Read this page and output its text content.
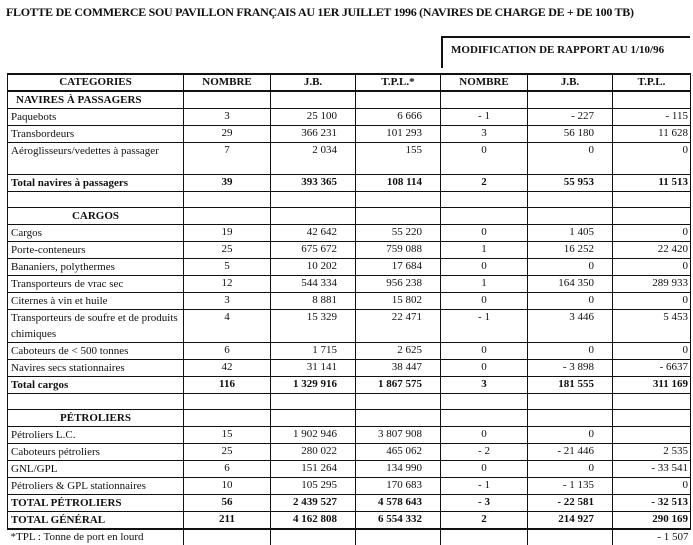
FLOTTE DE COMMERCE SOU PAVILLON FRANÇAIS AU 1ER JUILLET 1996 (NAVIRES DE CHARGE DE + DE 100 TB)
MODIFICATION DE RAPPORT AU 1/10/96
CATEGORIES	NOMBRE	J.B.	T.P.L.*	NOMBRE	J.B.	T.P.L.
NAVIRES À PASSAGERS						
Paquebots	3	25 100	6 666	- 1	- 227	- 115
Transbordeurs	29	366 231	101 293	3	56 180	11 628
Aéroglisseurs/vedettes à passager	7	2 034	155	0	0	0
Total navires à passagers	39	393 365	108 114	2	55 953	11 513

CARGOS						
Cargos	19	42 642	55 220	0	1 405	0
Porte-conteneurs	25	675 672	759 088	1	16 252	22 420
Bananiers, polythermes	5	10 202	17 684	0	0	0
Transporteurs de vrac sec	12	544 334	956 238	1	164 350	289 933
Citernes à vin et huile	3	8 881	15 802	0	0	0
Transporteurs de soufre et de produits chimiques	4	15 329	22 471	- 1	3 446	5 453
Caboteurs de < 500 tonnes	6	1 715	2 625	0	0	0
Navires secs stationnaires	42	31 141	38 447	0	- 3 898	- 6637
Total cargos	116	1 329 916	1 867 575	3	181 555	311 169

PÉTROLIERS						
Pétroliers L.C.	15	1 902 946	3 807 908	0	0	
Caboteurs pétroliers	25	280 022	465 062	- 2	- 21 446	2 535
GNL/GPL	6	151 264	134 990	0	0	- 33 541
Pétroliers & GPL stationnaires	10	105 295	170 683	- 1	- 1 135	0
TOTAL PÉTROLIERS	56	2 439 527	4 578 643	- 3	- 22 581	- 32 513
TOTAL GÉNÉRAL	211	4 162 808	6 554 332	2	214 927	290 169
*TPL : Tonne de port en lourd						- 1 507
